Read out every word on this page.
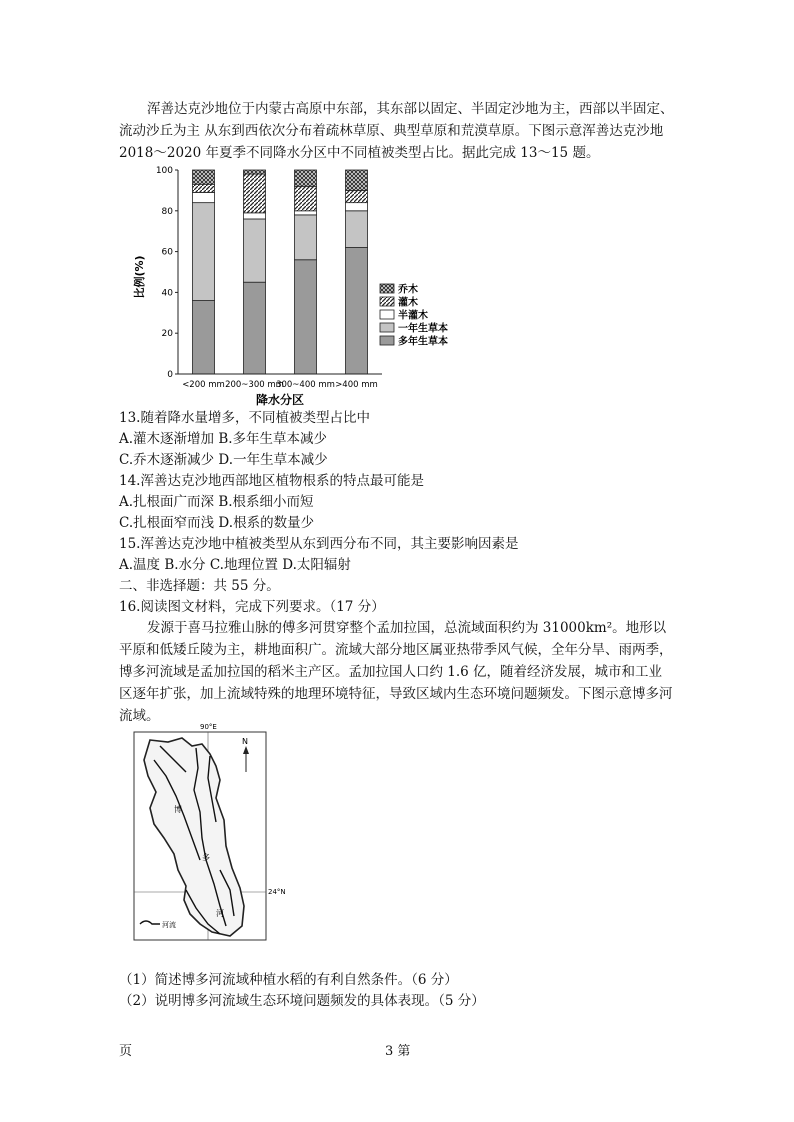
浑善达克沙地位于内蒙古高原中东部，其东部以固定、半固定沙地为主，西部以半固定、流动沙丘为主 从东到西依次分布着疏林草原、典型草原和荒漠草原。下图示意浑善达克沙地 2018～2020 年夏季不同降水分区中不同植被类型占比。据此完成 13～15 题。

0
20
40
60
80
100
<200 mm 200~300 mm
300~400 mm >400 mm
比例(%)
降水分区
乔木
灌木
半灌木
一年生草本
多年生草本
13.随着降水量增多，不同植被类型占比中
A.灌木逐渐增加 B.多年生草本减少
C.乔木逐渐减少 D.一年生草本减少
14.浑善达克沙地西部地区植物根系的特点最可能是
A.扎根面广而深 B.根系细小而短
C.扎根面窄而浅 D.根系的数量少
15.浑善达克沙地中植被类型从东到西分布不同，其主要影响因素是
A.温度 B.水分 C.地理位置 D.太阳辐射
二、非选择题：共 55 分。
16.阅读图文材料，完成下列要求。（17 分）

发源于喜马拉雅山脉的傅多河贯穿整个孟加拉国，总流域面积约为 31000km²。地形以平原和低矮丘陵为主，耕地面积广。流域大部分地区属亚热带季风气候，全年分旱、雨两季，博多河流域是孟加拉国的稻米主产区。孟加拉国人口约 1.6 亿，随着经济发展，城市和工业区逐年扩张，加上流域特殊的地理环境特征，导致区域内生态环境问题频发。下图示意博多河流域。

90°E
24°N
N
博
多
河
河流
（1）简述博多河流域种植水稻的有利自然条件。（6 分）
（2）说明博多河流域生态环境问题频发的具体表现。（5 分）
页	3 第
